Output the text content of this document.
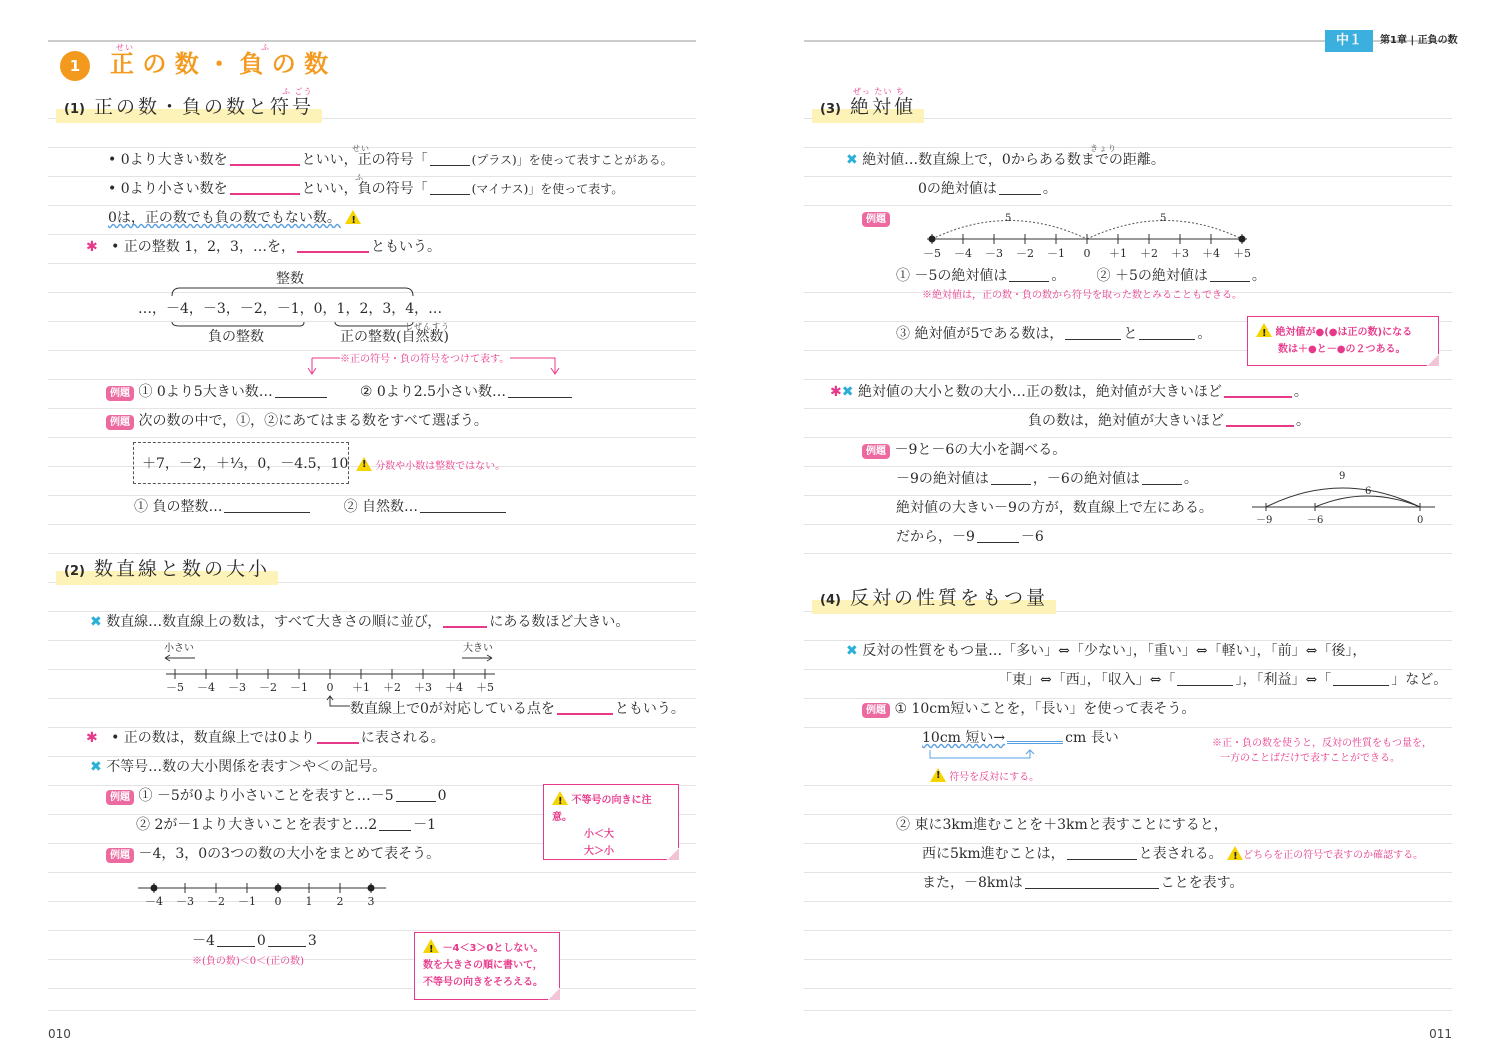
1	正 の 数 ・ 負 の 数
せい	ふ
(1) 正の数・負の数と符号
ふ ごう
• 0より大きい数を	といい，正の符号「	(プラス)」を使って表すことがある。
せい
• 0より小さい数を	といい，負の符号「	(マイナス)」を使って表す。
ふ
0は，正の数でも負の数でもない数。 !
✱   • 正の整数 1，2，3，…を，	ともいう。
整数
…，－4，－3，－2，－1，0，1，2，3，4，…
負の整数	正の整数(自然数)
しぜんすう
※正の符号・負の符号をつけて表す。
例題 ① 0より5大きい数…	② 0より2.5小さい数…
例題 次の数の中で，①，②にあてはまる数をすべて選ぼう。
＋7，－2，＋⅓，0，－4.5，10 !	分数や小数は整数ではない。
① 負の整数…	② 自然数…
(2) 数直線と数の大小
✖ 数直線…数直線上の数は，すべて大きさの順に並び，	にある数ほど大きい。
小さい	大きい
－5 －4 －3 －2 －1	0	＋1 ＋2 ＋3 ＋4 ＋5
数直線上で0が対応している点を	ともいう。
✱   • 正の数は，数直線上では0より	に表される。
✖ 不等号…数の大小関係を表す＞や＜の記号。
例題 ① －5が0より小さいことを表すと…－5	0
② 2が－1より大きいことを表すと…2	－1
例題 －4，3，0の3つの数の大小をまとめて表そう。
－4 －3 －2 －1	0	1	2	3
－4	0	3
※(負の数)＜0＜(正の数)
! 不等号の向きに注意。
小＜大
大＞小
! －4＜3＞0としない。
数を大きさの順に書いて，
不等号の向きをそろえる。
010
中１	第1章 | 正負の数
(3) 絶対値
ぜっ たい ち
✖ 絶対値…数直線上で，0からある数までの距離。
きょり
0の絶対値は	。
例題	5	5
－5 －4 －3 －2 －1	0	＋1 ＋2 ＋3 ＋4 ＋5
① －5の絶対値は	。 ② ＋5の絶対値は	。
※絶対値は，正の数・負の数から符号を取った数とみることもできる。
③ 絶対値が5である数は，	と	。 !	絶対値が●(●は正の数)になる
数は＋●と－●の２つある。
✱✖ 絶対値の大小と数の大小…正の数は，絶対値が大きいほど	。
負の数は，絶対値が大きいほど	。
例題 －9と－6の大小を調べる。
－9の絶対値は	，－6の絶対値は	。
絶対値の大きい－9の方が，数直線上で左にある。
だから，－9	－6
9
6
－9	－6	0
(4) 反対の性質をもつ量
✖ 反対の性質をもつ量…「多い」⇔「少ない」，「重い」⇔「軽い」，「前」⇔「後」，
「東」⇔「西」，「収入」⇔「	」，「利益」⇔「	」など。
例題 ① 10cm短いことを，「長い」を使って表そう。
10cm 短い→	cm 長い
! 符号を反対にする。
※正・負の数を使うと，反対の性質をもつ量を，
一方のことばだけで表すことができる。
② 東に3km進むことを＋3kmと表すことにすると，
西に5km進むことは，	と表される。 ! どちらを正の符号で表すのか確認する。
また，－8kmは	ことを表す。
011
